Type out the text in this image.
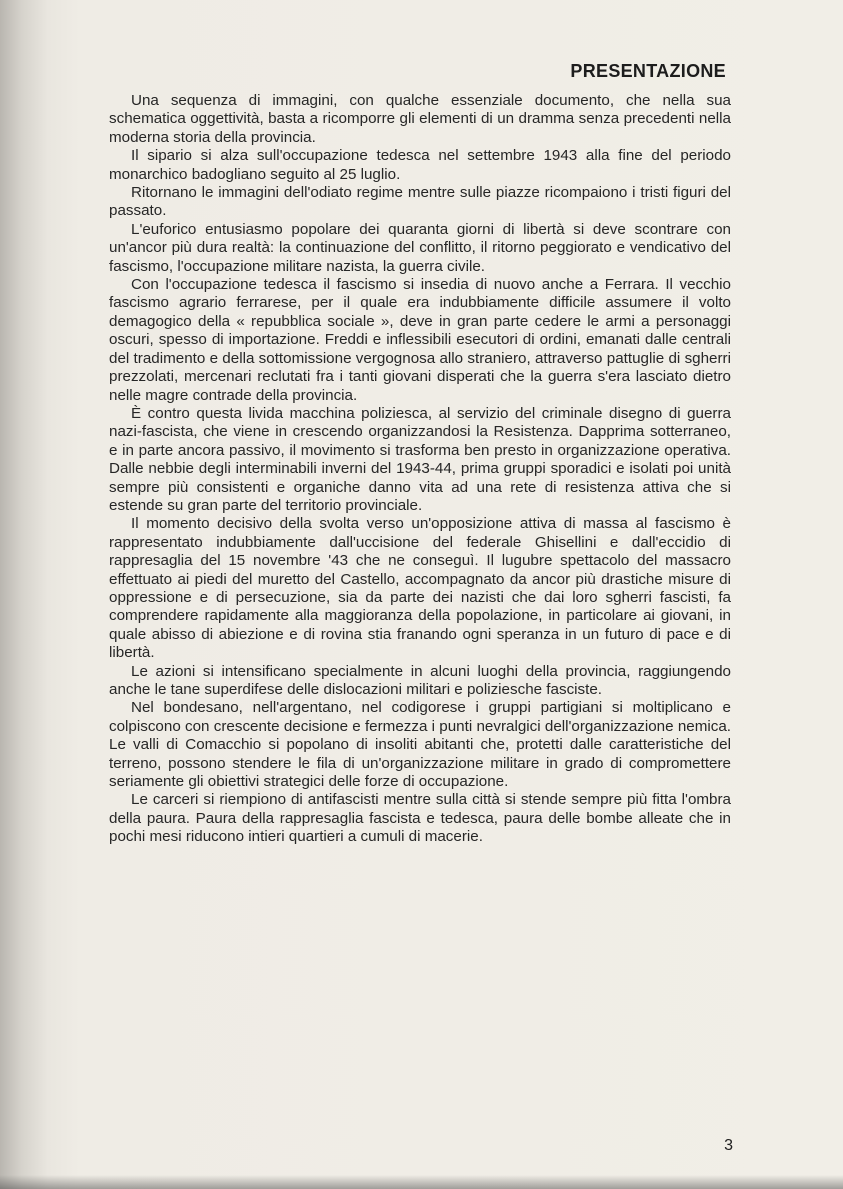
PRESENTAZIONE

Una sequenza di immagini, con qualche essenziale documento, che nella sua schematica oggettività, basta a ricomporre gli elementi di un dramma senza precedenti nella moderna storia della provincia.

Il sipario si alza sull'occupazione tedesca nel settembre 1943 alla fine del periodo monarchico badogliano seguito al 25 luglio.

Ritornano le immagini dell'odiato regime mentre sulle piazze ricompaiono i tristi figuri del passato.

L'euforico entusiasmo popolare dei quaranta giorni di libertà si deve scontrare con un'ancor più dura realtà: la continuazione del conflitto, il ritorno peggiorato e vendicativo del fascismo, l'occupazione militare nazista, la guerra civile.

Con l'occupazione tedesca il fascismo si insedia di nuovo anche a Ferrara. Il vecchio fascismo agrario ferrarese, per il quale era indubbiamente difficile assumere il volto demagogico della « repubblica sociale », deve in gran parte cedere le armi a personaggi oscuri, spesso di importazione. Freddi e inflessibili esecutori di ordini, emanati dalle centrali del tradimento e della sottomissione vergognosa allo straniero, attraverso pattuglie di sgherri prezzolati, mercenari reclutati fra i tanti giovani disperati che la guerra s'era lasciato dietro nelle magre contrade della provincia.

È contro questa livida macchina poliziesca, al servizio del criminale disegno di guerra nazi-fascista, che viene in crescendo organizzandosi la Resistenza. Dapprima sotterraneo, e in parte ancora passivo, il movimento si trasforma ben presto in organizzazione operativa. Dalle nebbie degli interminabili inverni del 1943-44, prima gruppi sporadici e isolati poi unità sempre più consistenti e organiche danno vita ad una rete di resistenza attiva che si estende su gran parte del territorio provinciale.

Il momento decisivo della svolta verso un'opposizione attiva di massa al fascismo è rappresentato indubbiamente dall'uccisione del federale Ghisellini e dall'eccidio di rappresaglia del 15 novembre '43 che ne conseguì. Il lugubre spettacolo del massacro effettuato ai piedi del muretto del Castello, accompagnato da ancor più drastiche misure di oppressione e di persecuzione, sia da parte dei nazisti che dai loro sgherri fascisti, fa comprendere rapidamente alla maggioranza della popolazione, in particolare ai giovani, in quale abisso di abiezione e di rovina stia franando ogni speranza in un futuro di pace e di libertà.

Le azioni si intensificano specialmente in alcuni luoghi della provincia, raggiungendo anche le tane superdifese delle dislocazioni militari e poliziesche fasciste.

Nel bondesano, nell'argentano, nel codigorese i gruppi partigiani si moltiplicano e colpiscono con crescente decisione e fermezza i punti nevralgici dell'organizzazione nemica. Le valli di Comacchio si popolano di insoliti abitanti che, protetti dalle caratteristiche del terreno, possono stendere le fila di un'organizzazione militare in grado di compromettere seriamente gli obiettivi strategici delle forze di occupazione.

Le carceri si riempiono di antifascisti mentre sulla città si stende sempre più fitta l'ombra della paura. Paura della rappresaglia fascista e tedesca, paura delle bombe alleate che in pochi mesi riducono intieri quartieri a cumuli di macerie.

3
